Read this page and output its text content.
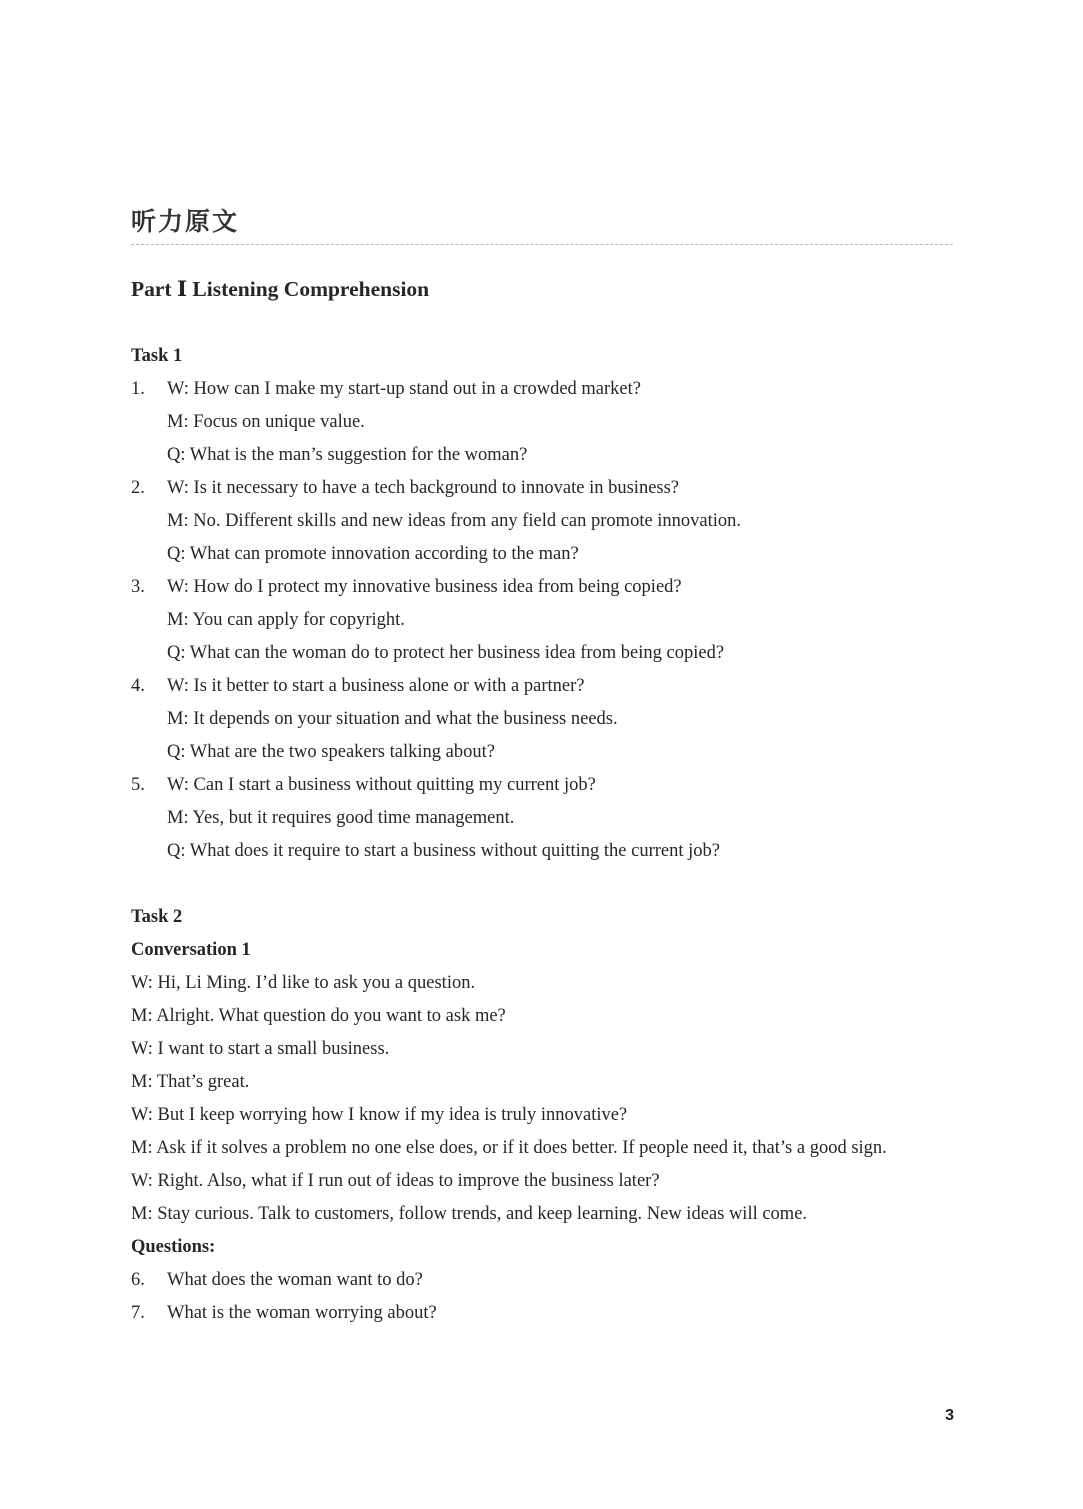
听力原文
Part Ⅰ Listening Comprehension
Task 1
1.	W: How can I make my start-up stand out in a crowded market?
M: Focus on unique value.
Q: What is the man’s suggestion for the woman?
2.	W: Is it necessary to have a tech background to innovate in business?
M: No. Different skills and new ideas from any field can promote innovation.
Q: What can promote innovation according to the man?
3.	W: How do I protect my innovative business idea from being copied?
M: You can apply for copyright.
Q: What can the woman do to protect her business idea from being copied?
4.	W: Is it better to start a business alone or with a partner?
M: It depends on your situation and what the business needs.
Q: What are the two speakers talking about?
5.	W: Can I start a business without quitting my current job?
M: Yes, but it requires good time management.
Q: What does it require to start a business without quitting the current job?
Task 2
Conversation 1
W: Hi, Li Ming. I’d like to ask you a question.
M: Alright. What question do you want to ask me?
W: I want to start a small business.
M: That’s great.
W: But I keep worrying how I know if my idea is truly innovative?
M: Ask if it solves a problem no one else does, or if it does better. If people need it, that’s a good sign.
W: Right. Also, what if I run out of ideas to improve the business later?
M: Stay curious. Talk to customers, follow trends, and keep learning. New ideas will come.
Questions:
6.	What does the woman want to do?
7.	What is the woman worrying about?
3
